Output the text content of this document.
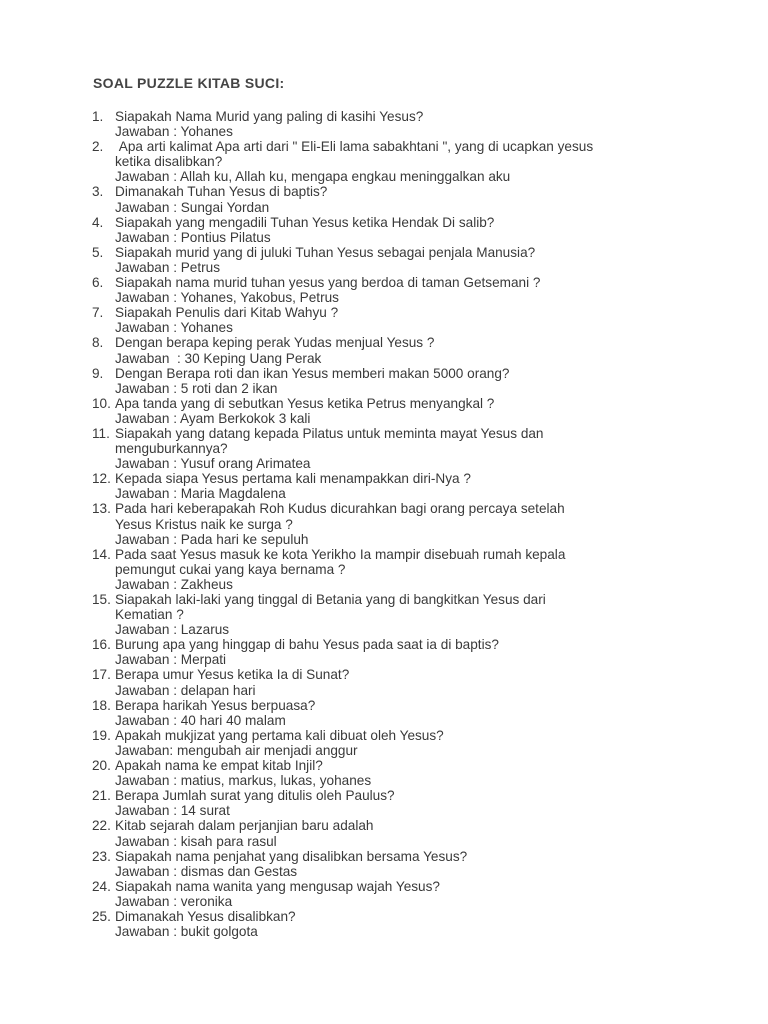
SOAL PUZZLE KITAB SUCI:
1. Siapakah Nama Murid yang paling di kasihi Yesus?
Jawaban : Yohanes
2. Apa arti kalimat Apa arti dari " Eli-Eli lama sabakhtani ", yang di ucapkan yesus
ketika disalibkan?
Jawaban : Allah ku, Allah ku, mengapa engkau meninggalkan aku
3. Dimanakah Tuhan Yesus di baptis?
Jawaban : Sungai Yordan
4. Siapakah yang mengadili Tuhan Yesus ketika Hendak Di salib?
Jawaban : Pontius Pilatus
5. Siapakah murid yang di juluki Tuhan Yesus sebagai penjala Manusia?
Jawaban : Petrus
6. Siapakah nama murid tuhan yesus yang berdoa di taman Getsemani ?
Jawaban : Yohanes, Yakobus, Petrus
7. Siapakah Penulis dari Kitab Wahyu ?
Jawaban : Yohanes
8. Dengan berapa keping perak Yudas menjual Yesus ?
Jawaban  : 30 Keping Uang Perak
9. Dengan Berapa roti dan ikan Yesus memberi makan 5000 orang?
Jawaban : 5 roti dan 2 ikan
10. Apa tanda yang di sebutkan Yesus ketika Petrus menyangkal ?
Jawaban : Ayam Berkokok 3 kali
11. Siapakah yang datang kepada Pilatus untuk meminta mayat Yesus dan
menguburkannya?
Jawaban : Yusuf orang Arimatea
12. Kepada siapa Yesus pertama kali menampakkan diri-Nya ?
Jawaban : Maria Magdalena
13. Pada hari keberapakah Roh Kudus dicurahkan bagi orang percaya setelah
Yesus Kristus naik ke surga ?
Jawaban : Pada hari ke sepuluh
14. Pada saat Yesus masuk ke kota Yerikho Ia mampir disebuah rumah kepala
pemungut cukai yang kaya bernama ?
Jawaban : Zakheus
15. Siapakah laki-laki yang tinggal di Betania yang di bangkitkan Yesus dari
Kematian ?
Jawaban : Lazarus
16. Burung apa yang hinggap di bahu Yesus pada saat ia di baptis?
Jawaban : Merpati
17. Berapa umur Yesus ketika Ia di Sunat?
Jawaban : delapan hari
18. Berapa harikah Yesus berpuasa?
Jawaban : 40 hari 40 malam
19. Apakah mukjizat yang pertama kali dibuat oleh Yesus?
Jawaban: mengubah air menjadi anggur
20. Apakah nama ke empat kitab Injil?
Jawaban : matius, markus, lukas, yohanes
21. Berapa Jumlah surat yang ditulis oleh Paulus?
Jawaban : 14 surat
22. Kitab sejarah dalam perjanjian baru adalah
Jawaban : kisah para rasul
23. Siapakah nama penjahat yang disalibkan bersama Yesus?
Jawaban : dismas dan Gestas
24. Siapakah nama wanita yang mengusap wajah Yesus?
Jawaban : veronika
25. Dimanakah Yesus disalibkan?
Jawaban : bukit golgota
